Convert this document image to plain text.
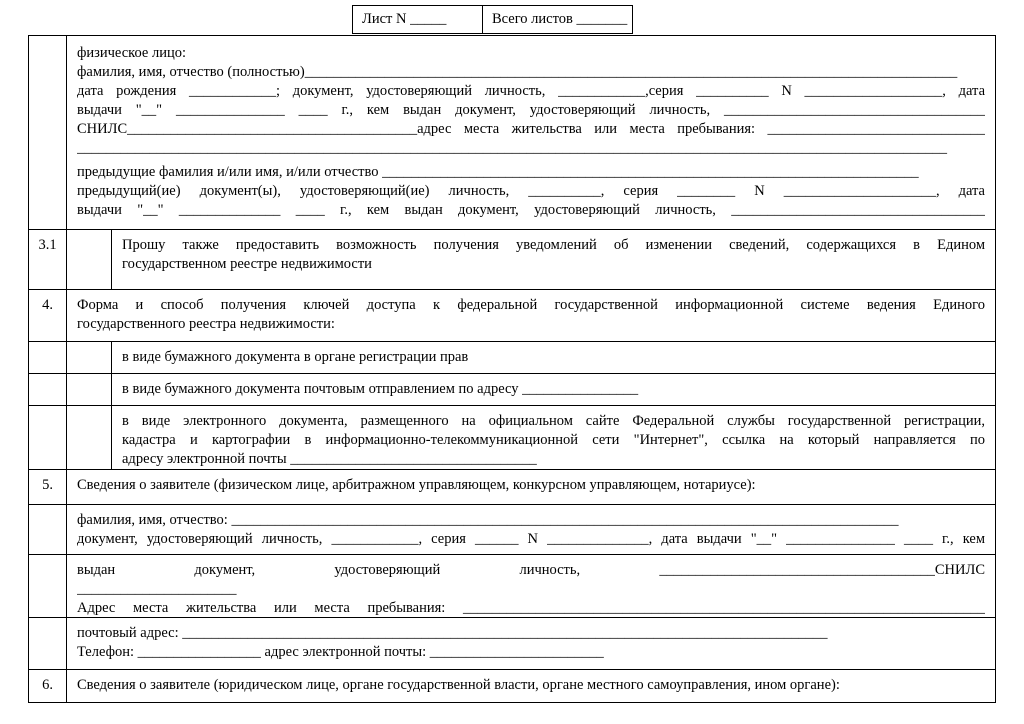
Лист N _____	Всего листов _______
физическое лицо:
фамилия, имя, отчество (полностью)__________________________________________________________________________________________
дата рождения ____________; документ, удостоверяющий личность, ____________,серия __________ N ___________________, дата
выдачи "__" _______________ ____ г., кем выдан документ, удостоверяющий личность, ____________________________________
СНИЛС________________________________________адрес места жительства или места пребывания: ______________________________
________________________________________________________________________________________________________________________
предыдущие фамилия и/или имя, и/или отчество __________________________________________________________________________
предыдущий(ие) документ(ы), удостоверяющий(ие) личность, __________, серия ________ N _____________________, дата
выдачи "__" ______________ ____ г., кем выдан документ, удостоверяющий личность, ___________________________________
3.1	Прошу также предоставить возможность получения уведомлений об изменении сведений, содержащихся в Едином
государственном реестре недвижимости
4.	Форма и способ получения ключей доступа к федеральной государственной информационной системе ведения Единого
государственного реестра недвижимости:
в виде бумажного документа в органе регистрации прав
в виде бумажного документа почтовым отправлением по адресу ________________
в виде электронного документа, размещенного на официальном сайте Федеральной службы государственной регистрации,
кадастра и картографии в информационно-телекоммуникационной сети "Интернет", ссылка на который направляется по
адресу электронной почты __________________________________
5.	Сведения о заявителе (физическом лице, арбитражном управляющем, конкурсном управляющем, нотариусе):
фамилия, имя, отчество: ____________________________________________________________________________________________
документ, удостоверяющий личность, ____________, серия ______ N ______________, дата выдачи "__" _______________ ____ г., кем
выдан документ, удостоверяющий личность, ______________________________________СНИЛС
______________________
Адрес места жительства или места пребывания: ________________________________________________________________________
почтовый адрес: _________________________________________________________________________________________
Телефон: _________________ адрес электронной почты: ________________________
6.	Сведения о заявителе (юридическом лице, органе государственной власти, органе местного самоуправления, ином органе):
